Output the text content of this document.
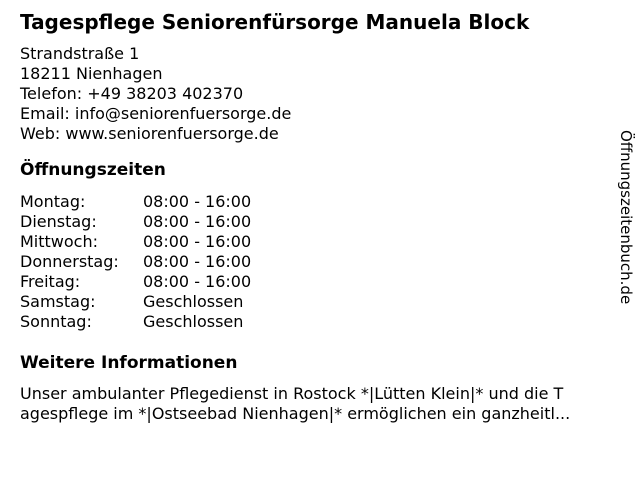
Tagespflege Seniorenfürsorge Manuela Block
Strandstraße 1
18211 Nienhagen
Telefon: +49 38203 402370
Email: info@seniorenfuersorge.de
Web: www.seniorenfuersorge.de
Öffnungszeiten
Montag:	08:00 - 16:00
Dienstag:	08:00 - 16:00
Mittwoch:	08:00 - 16:00
Donnerstag:	08:00 - 16:00
Freitag:	08:00 - 16:00
Samstag:	Geschlossen
Sonntag:	Geschlossen
Weitere Informationen
Unser ambulanter Pflegedienst in Rostock *|Lütten Klein|* und die T
agespflege im *|Ostseebad Nienhagen|* ermöglichen ein ganzheitl...
Öffnungszeitenbuch.de
